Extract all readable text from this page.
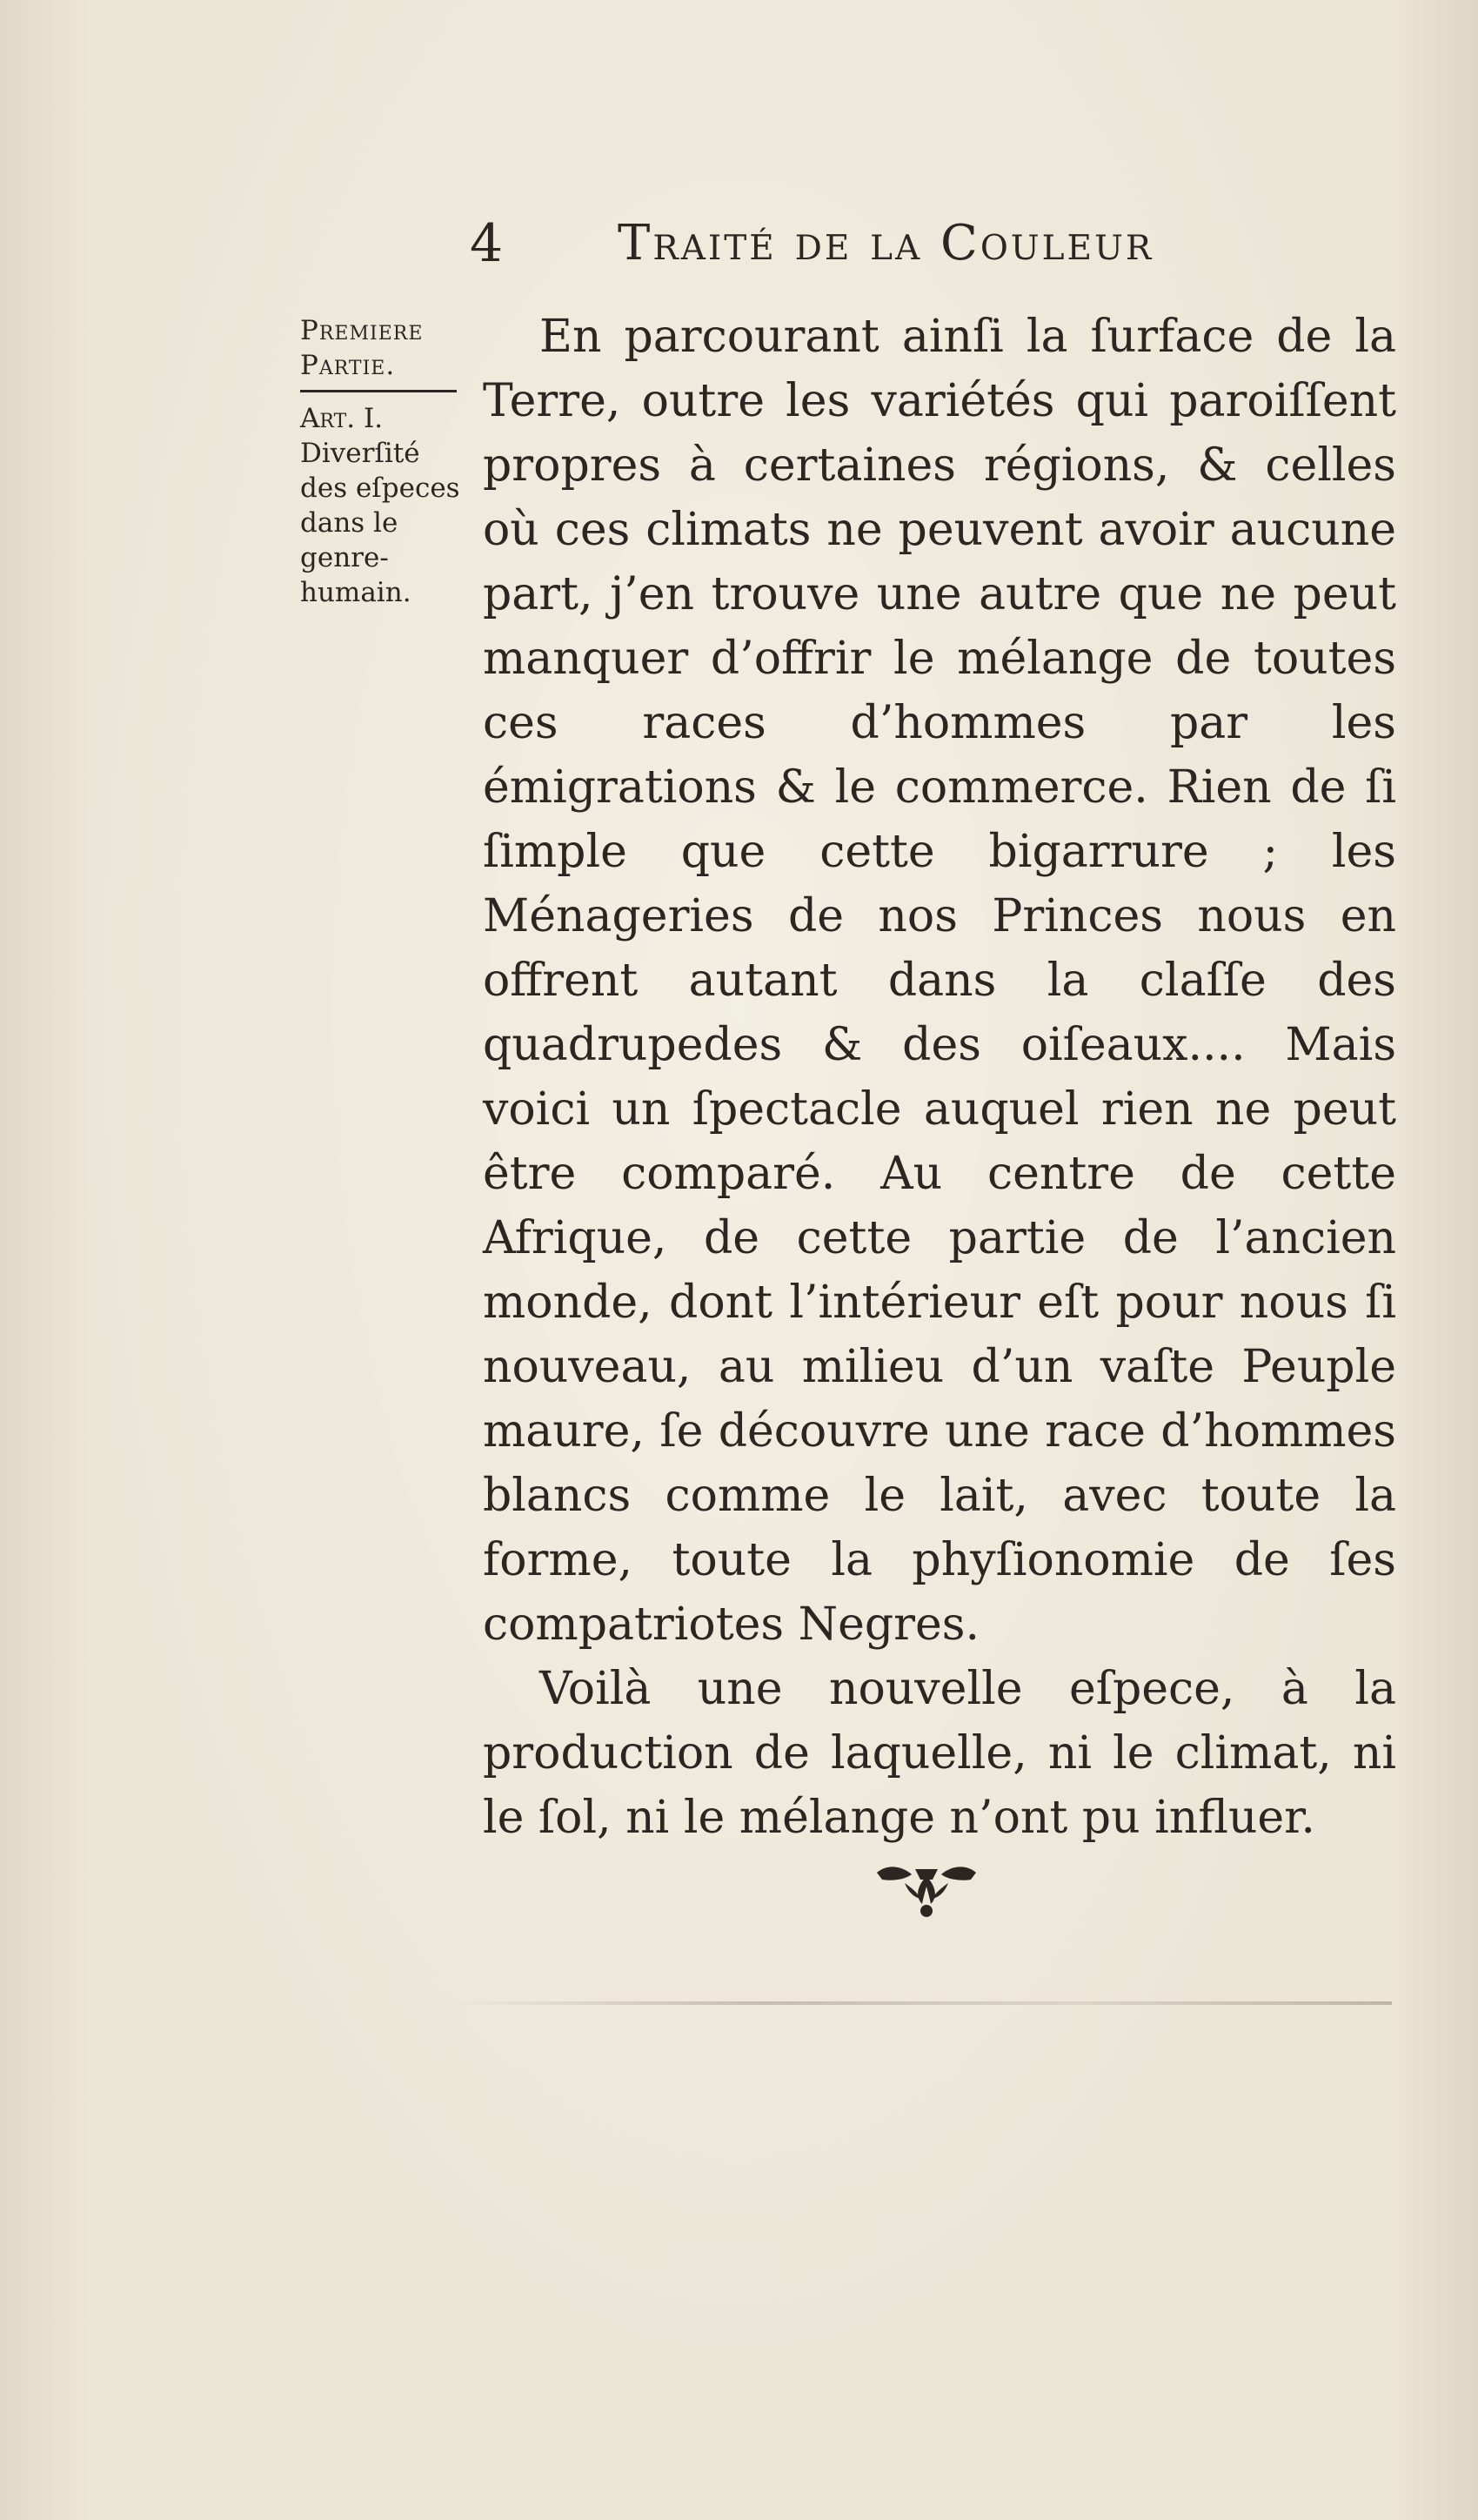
4 Traité de la Couleur
Premiere Partie.
Art. I.
Diverſité des eſpeces dans le genre-humain.

En parcourant ainſi la ſurface de la Terre, outre les variétés qui paroiſſent propres à certaines régions, & celles où ces climats ne peuvent avoir aucune part, j’en trouve une autre que ne peut manquer d’offrir le mélange de toutes ces races d’hommes par les émigrations & le commerce. Rien de ſi ſimple que cette bigarrure ; les Ménageries de nos Princes nous en offrent autant dans la claſſe des quadrupedes & des oiſeaux.... Mais voici un ſpectacle auquel rien ne peut être comparé. Au centre de cette Afrique, de cette partie de l’ancien monde, dont l’intérieur eſt pour nous ſi nouveau, au milieu d’un vaſte Peuple maure, ſe découvre une race d’hommes blancs comme le lait, avec toute la forme, toute la phyſionomie de ſes compatriotes Negres.

Voilà une nouvelle eſpece, à la production de laquelle, ni le climat, ni le ſol, ni le mélange n’ont pu influer.
